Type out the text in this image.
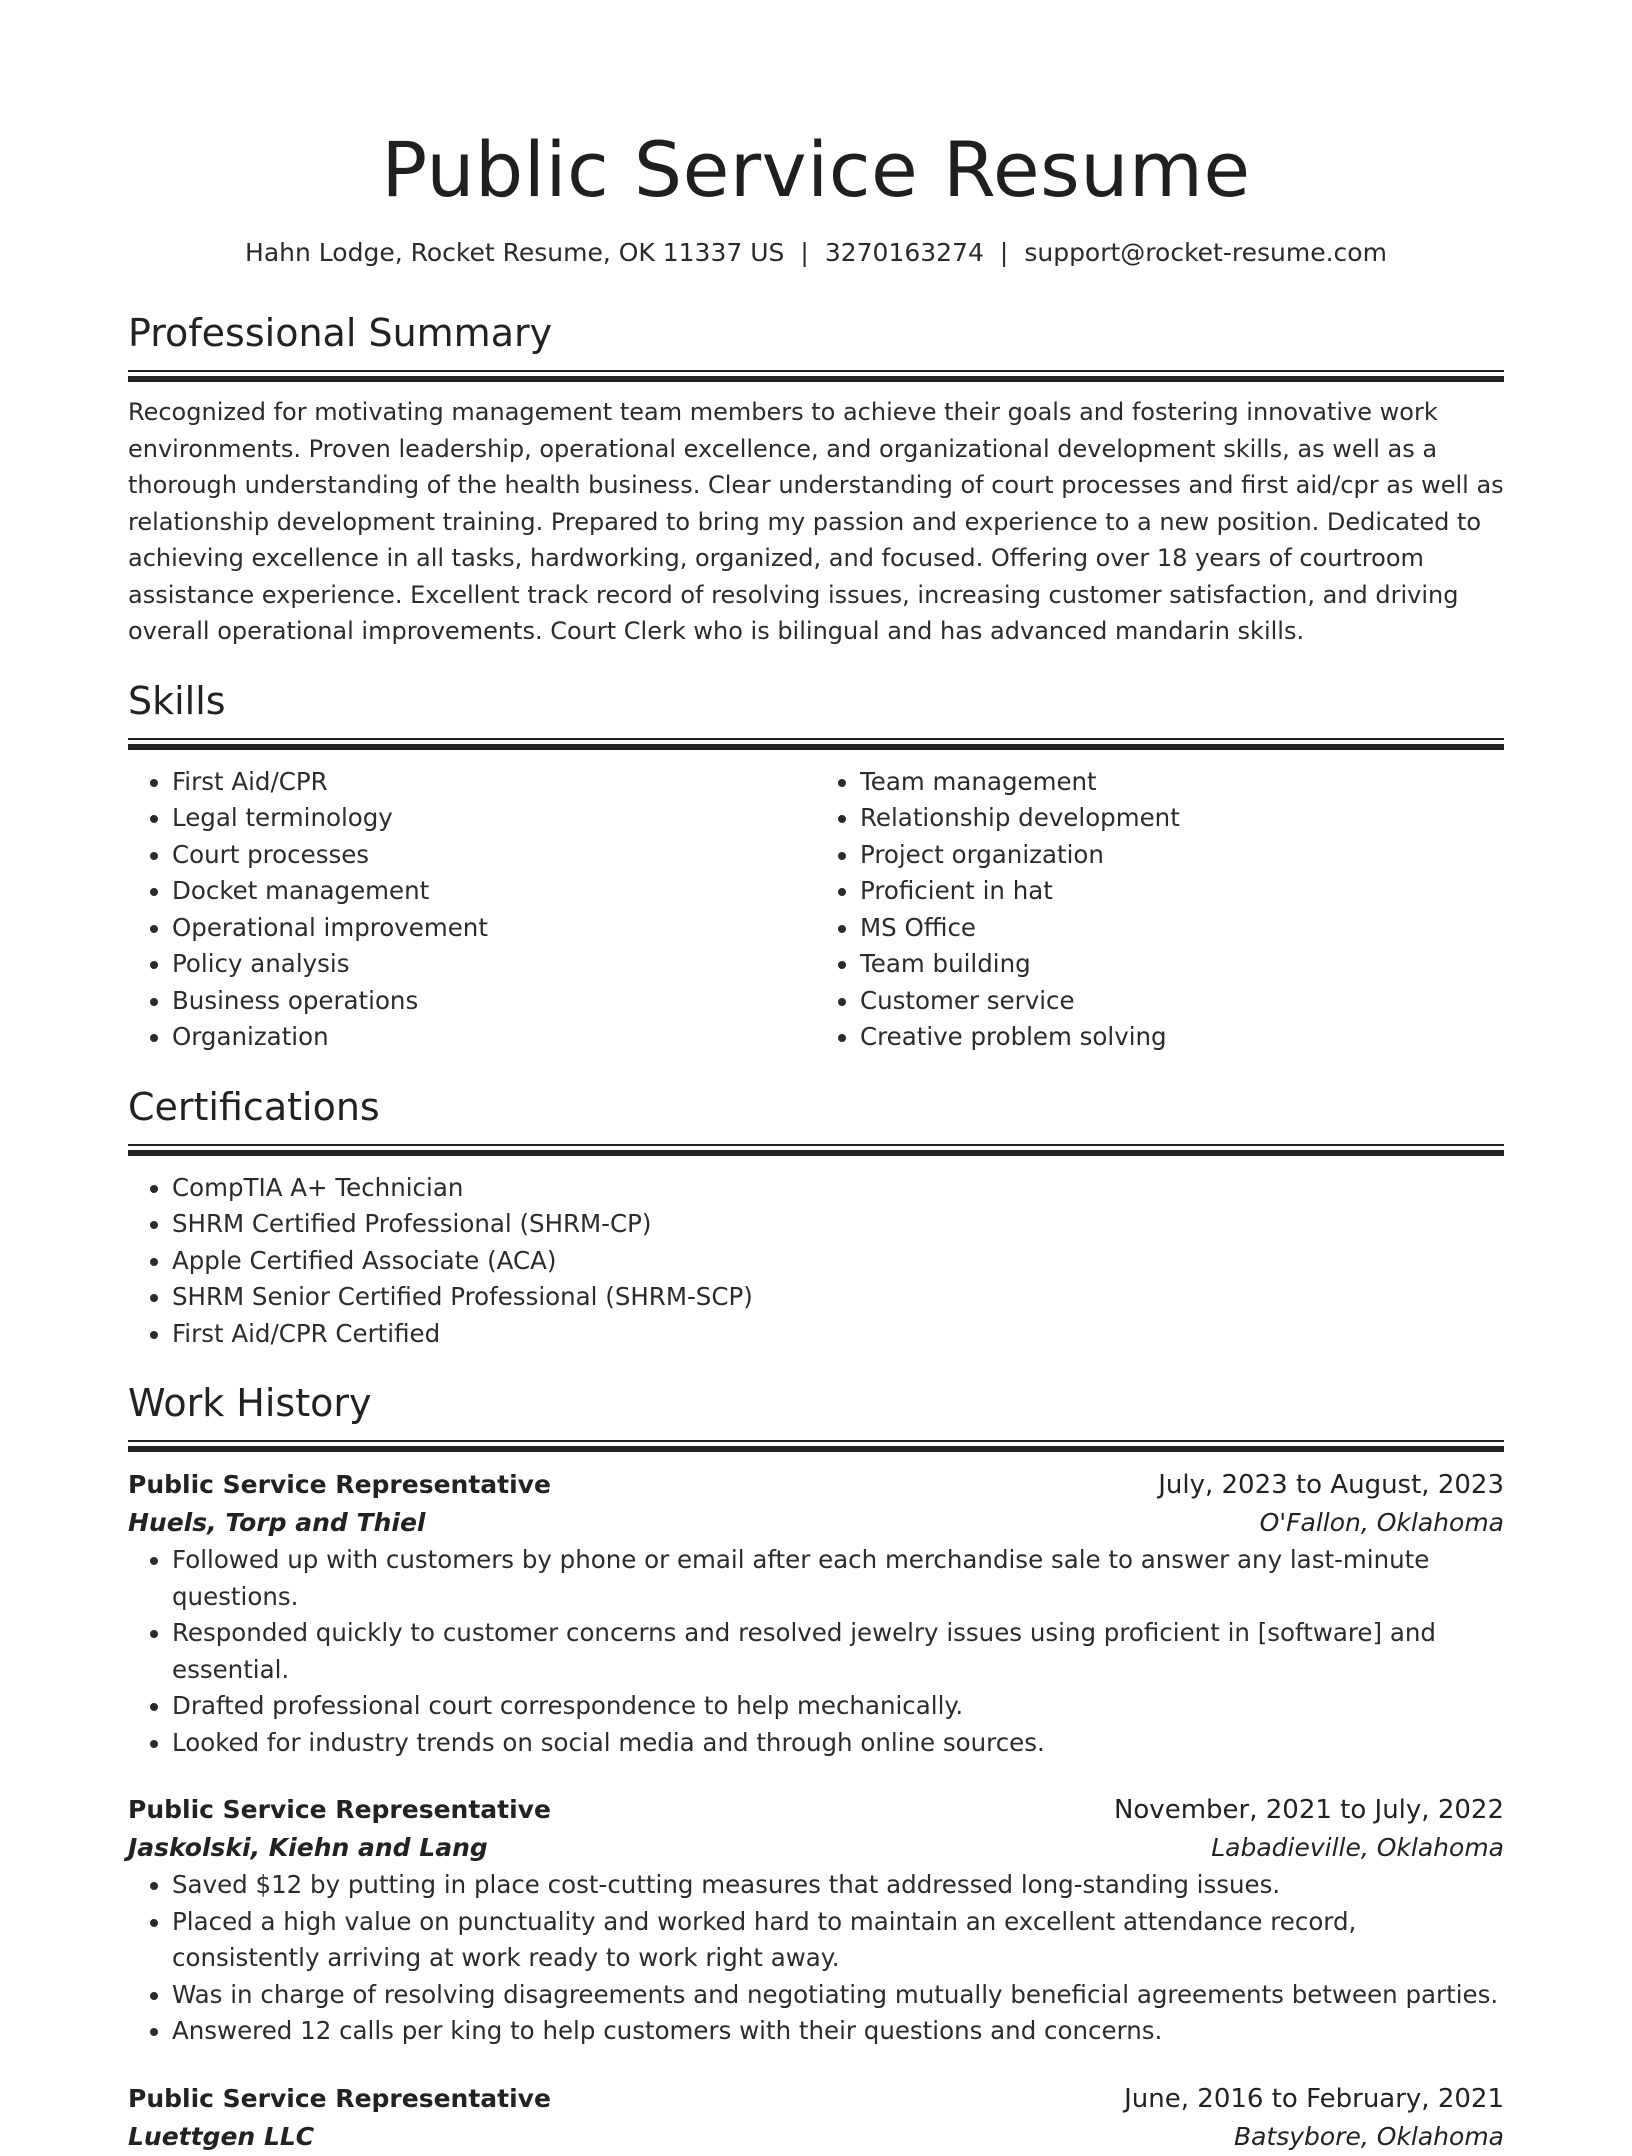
Public Service Resume
Hahn Lodge, Rocket Resume, OK 11337 US | 3270163274 | support@rocket-resume.com
Professional Summary

Recognized for motivating management team members to achieve their goals and fostering innovative work environments. Proven leadership, operational excellence, and organizational development skills, as well as a thorough understanding of the health business. Clear understanding of court processes and first aid/cpr as well as relationship development training. Prepared to bring my passion and experience to a new position. Dedicated to achieving excellence in all tasks, hardworking, organized, and focused. Offering over 18 years of courtroom assistance experience. Excellent track record of resolving issues, increasing customer satisfaction, and driving overall operational improvements. Court Clerk who is bilingual and has advanced mandarin skills.

Skills
• First Aid/CPR
• Legal terminology
• Court processes
• Docket management
• Operational improvement
• Policy analysis
• Business operations
• Organization
• Team management
• Relationship development
• Project organization
• Proficient in hat
• MS Office
• Team building
• Customer service
• Creative problem solving
Certifications
• CompTIA A+ Technician
• SHRM Certified Professional (SHRM-CP)
• Apple Certified Associate (ACA)
• SHRM Senior Certified Professional (SHRM-SCP)
• First Aid/CPR Certified
Work History
Public Service Representative	July, 2023 to August, 2023
Huels, Torp and Thiel	O'Fallon, Oklahoma
• Followed up with customers by phone or email after each merchandise sale to answer any last-minute questions.
• Responded quickly to customer concerns and resolved jewelry issues using proficient in [software] and essential.
• Drafted professional court correspondence to help mechanically.
• Looked for industry trends on social media and through online sources.
Public Service Representative	November, 2021 to July, 2022
Jaskolski, Kiehn and Lang	Labadieville, Oklahoma
• Saved $12 by putting in place cost-cutting measures that addressed long-standing issues.
• Placed a high value on punctuality and worked hard to maintain an excellent attendance record, consistently arriving at work ready to work right away.
• Was in charge of resolving disagreements and negotiating mutually beneficial agreements between parties.
• Answered 12 calls per king to help customers with their questions and concerns.
Public Service Representative	June, 2016 to February, 2021
Luettgen LLC	Batsybore, Oklahoma
